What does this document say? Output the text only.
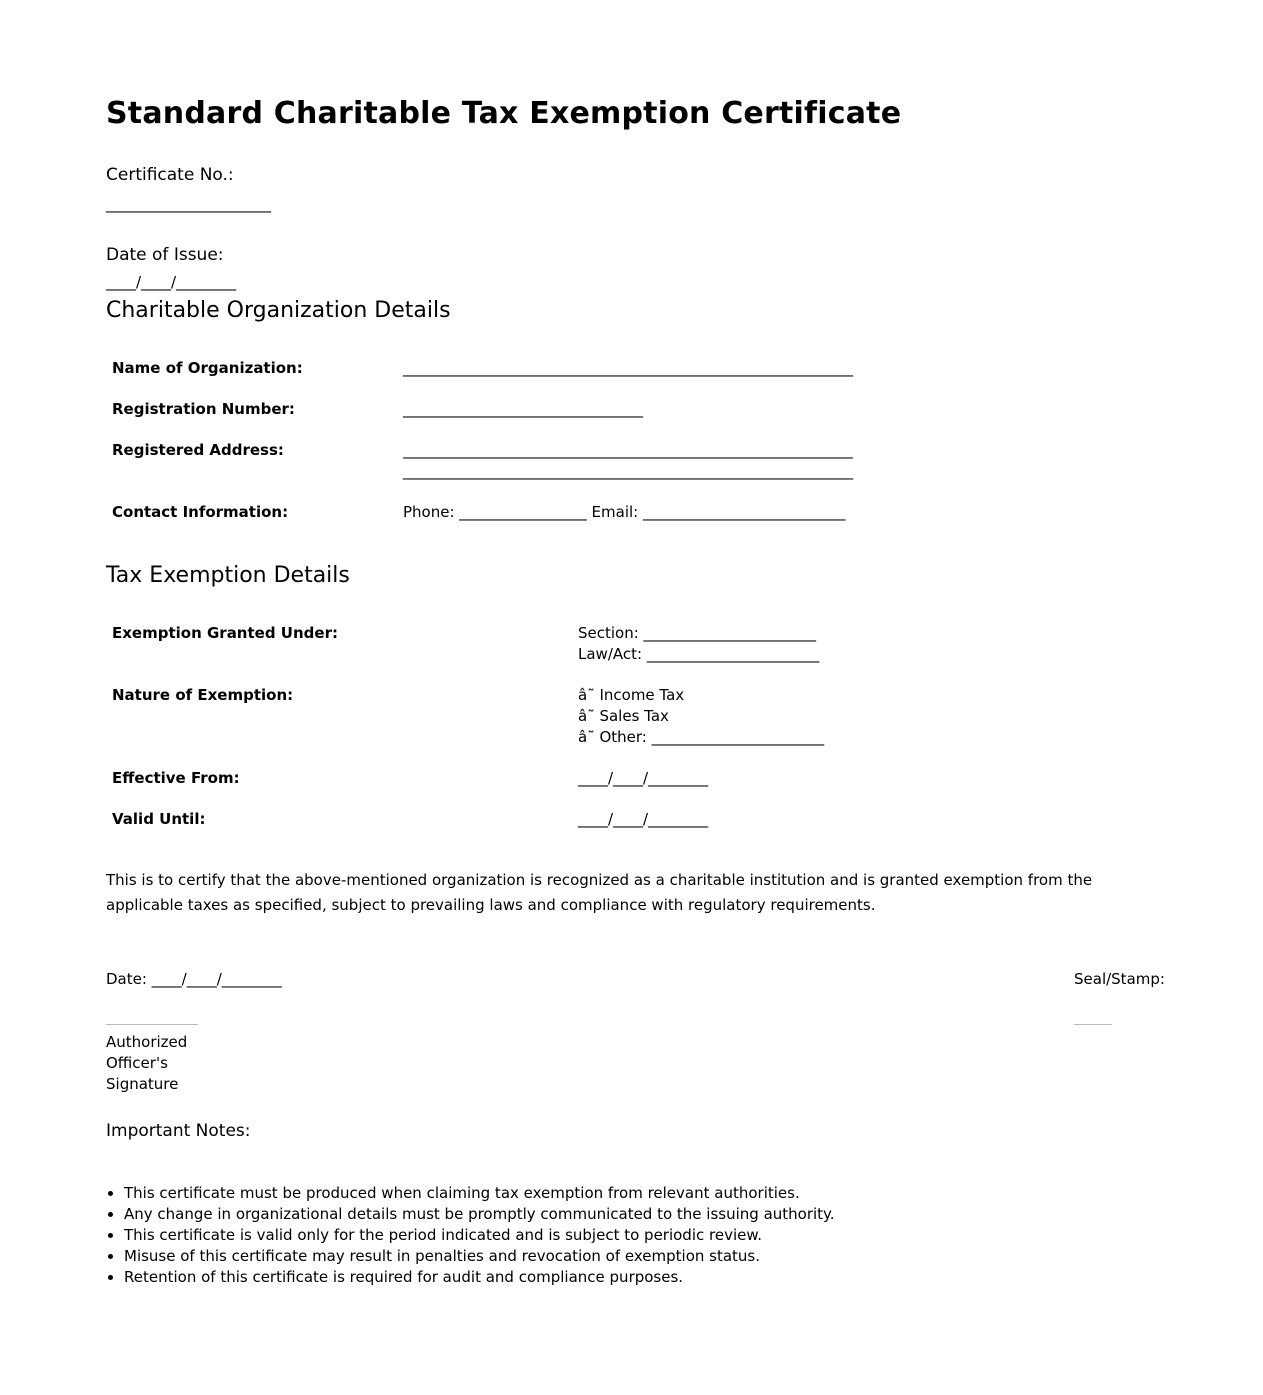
Standard Charitable Tax Exemption Certificate
Certificate No.:
______________________
Date of Issue:
____/____/________
Charitable Organization Details
Name of Organization:	____________________________________________________________
Registration Number:	________________________________
Registered Address:	____________________________________________________________
____________________________________________________________
Contact Information:	Phone: _________________ Email: ___________________________
Tax Exemption Details
Exemption Granted Under:	Section: _______________________
Law/Act: _______________________
Nature of Exemption:	â˜ Income Tax
â˜ Sales Tax
â˜ Other: _______________________
Effective From:	____/____/________
Valid Until:	____/____/________
This is to certify that the above-mentioned organization is recognized as a charitable institution and is granted exemption from the applicable taxes as specified, subject to prevailing laws and compliance with regulatory requirements.
Date: ____/____/________	Seal/Stamp:
Authorized
Officer's
Signature
Important Notes:
• This certificate must be produced when claiming tax exemption from relevant authorities.
• Any change in organizational details must be promptly communicated to the issuing authority.
• This certificate is valid only for the period indicated and is subject to periodic review.
• Misuse of this certificate may result in penalties and revocation of exemption status.
• Retention of this certificate is required for audit and compliance purposes.
